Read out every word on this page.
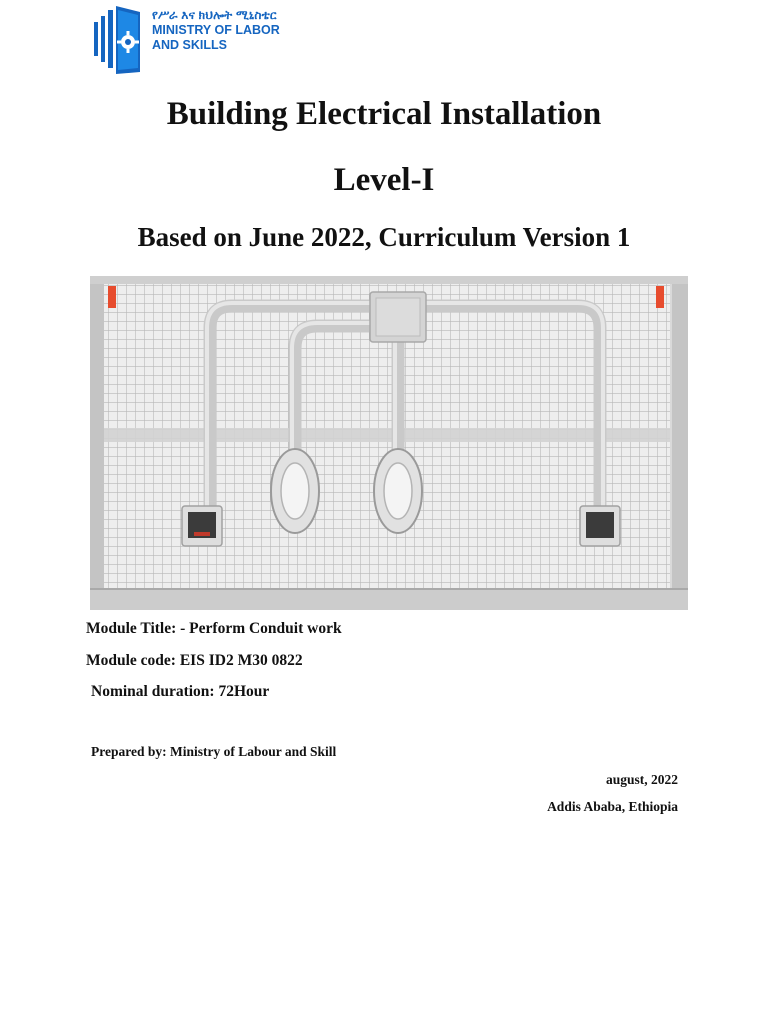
የሥራ እና ክህሎት ሚኒስቴር
MINISTRY OF LABOR
AND SKILLS
Building Electrical Installation
Level-I
Based on June 2022, Curriculum Version 1

Module Title: - Perform Conduit work

Module code: EIS ID2 M30 0822

Nominal duration: 72Hour

Prepared by: Ministry of Labour and Skill

august, 2022

Addis Ababa, Ethiopia
